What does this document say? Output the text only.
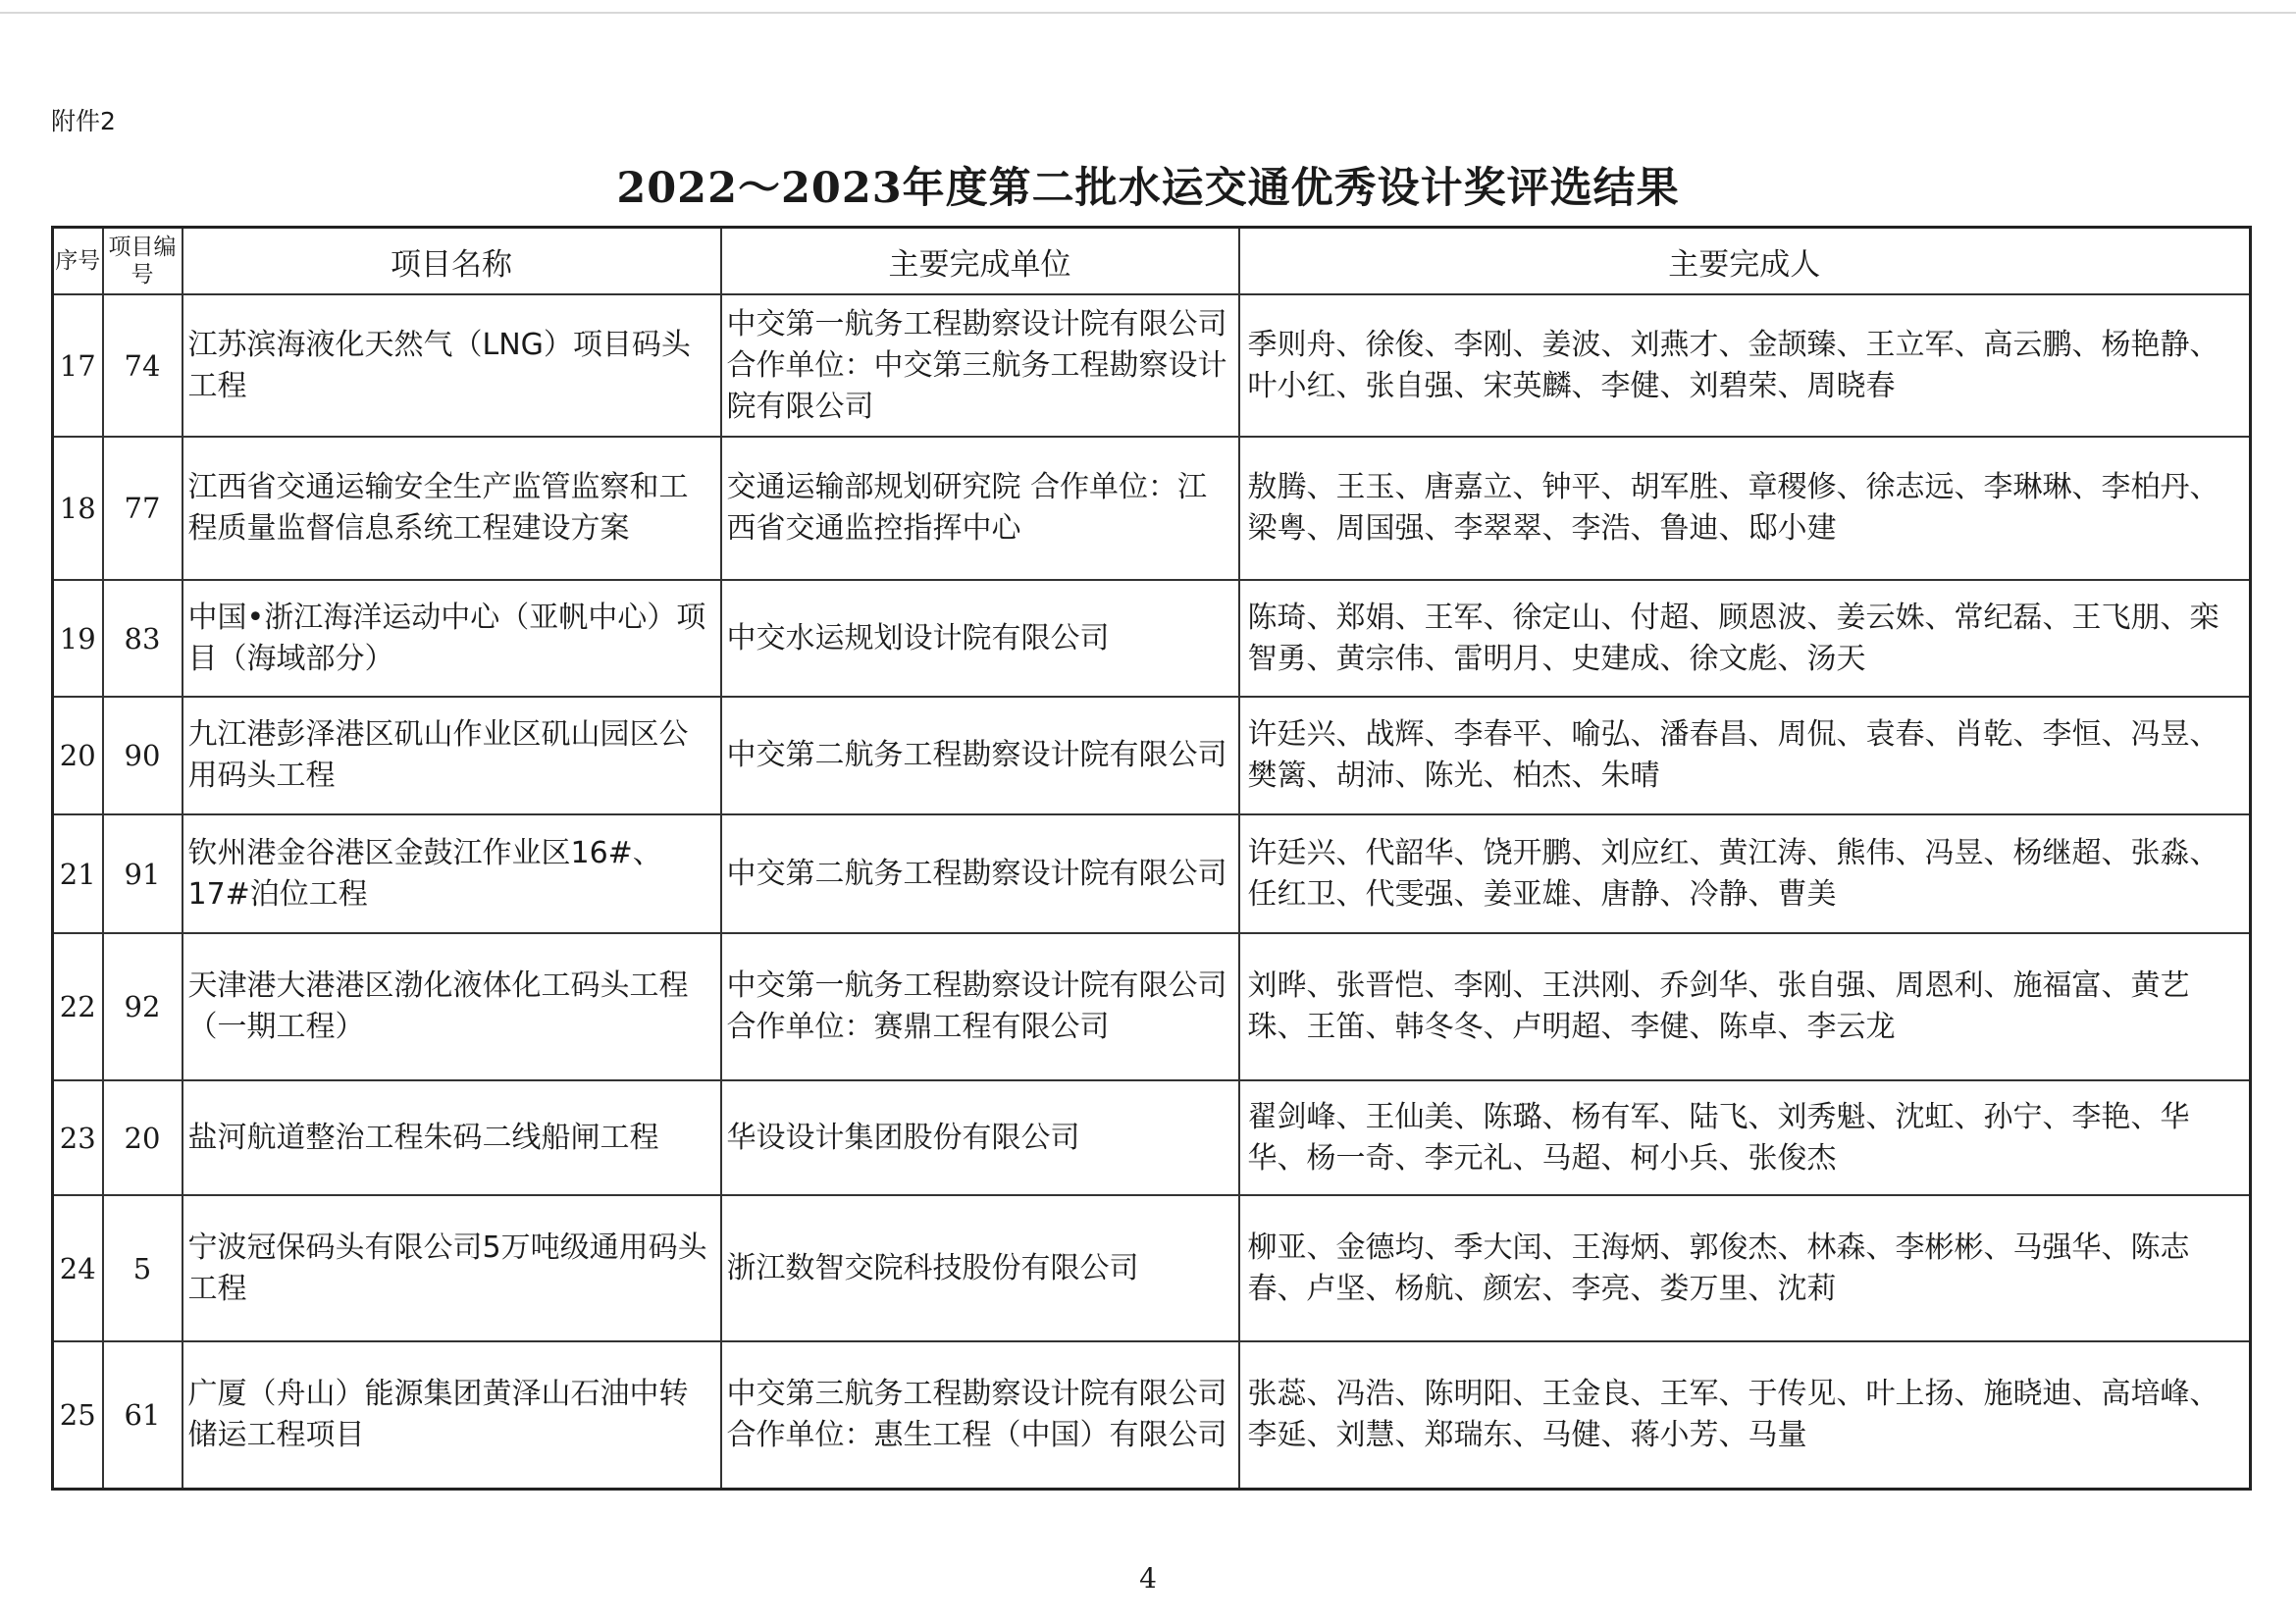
附件2
2022～2023年度第二批水运交通优秀设计奖评选结果
序号	项目编号	项目名称	主要完成单位	主要完成人
17	74	江苏滨海液化天然气（LNG）项目码头工程	中交第一航务工程勘察设计院有限公司 合作单位：中交第三航务工程勘察设计院有限公司	季则舟、徐俊、李刚、姜波、刘燕才、金颉臻、王立军、高云鹏、杨艳静、叶小红、张自强、宋英麟、李健、刘碧荣、周晓春
18	77	江西省交通运输安全生产监管监察和工程质量监督信息系统工程建设方案	交通运输部规划研究院 合作单位：江西省交通监控指挥中心	敖腾、王玉、唐嘉立、钟平、胡军胜、章稷修、徐志远、李琳琳、李柏丹、梁粤、周国强、李翠翠、李浩、鲁迪、邸小建
19	83	中国•浙江海洋运动中心（亚帆中心）项目（海域部分）	中交水运规划设计院有限公司	陈琦、郑娟、王军、徐定山、付超、顾恩波、姜云姝、常纪磊、王飞朋、栾智勇、黄宗伟、雷明月、史建成、徐文彪、汤天
20	90	九江港彭泽港区矶山作业区矶山园区公用码头工程	中交第二航务工程勘察设计院有限公司	许廷兴、战辉、李春平、喻弘、潘春昌、周侃、袁春、肖乾、李恒、冯昱、樊篱、胡沛、陈光、柏杰、朱晴
21	91	钦州港金谷港区金鼓江作业区16#、17#泊位工程	中交第二航务工程勘察设计院有限公司	许廷兴、代韶华、饶开鹏、刘应红、黄江涛、熊伟、冯昱、杨继超、张淼、任红卫、代雯强、姜亚雄、唐静、冷静、曹美
22	92	天津港大港港区渤化液体化工码头工程（一期工程）	中交第一航务工程勘察设计院有限公司 合作单位：赛鼎工程有限公司	刘晔、张晋恺、李刚、王洪刚、乔剑华、张自强、周恩利、施福富、黄艺珠、王笛、韩冬冬、卢明超、李健、陈卓、李云龙
23	20	盐河航道整治工程朱码二线船闸工程	华设设计集团股份有限公司	翟剑峰、王仙美、陈璐、杨有军、陆飞、刘秀魁、沈虹、孙宁、李艳、华华、杨一奇、李元礼、马超、柯小兵、张俊杰
24	5	宁波冠保码头有限公司5万吨级通用码头工程	浙江数智交院科技股份有限公司	柳亚、金德均、季大闰、王海炳、郭俊杰、林森、李彬彬、马强华、陈志春、卢坚、杨航、颜宏、李亮、娄万里、沈莉
25	61	广厦（舟山）能源集团黄泽山石油中转储运工程项目	中交第三航务工程勘察设计院有限公司 合作单位：惠生工程（中国）有限公司	张蕊、冯浩、陈明阳、王金良、王军、于传见、叶上扬、施晓迪、高培峰、李延、刘慧、郑瑞东、马健、蒋小芳、马量
4
